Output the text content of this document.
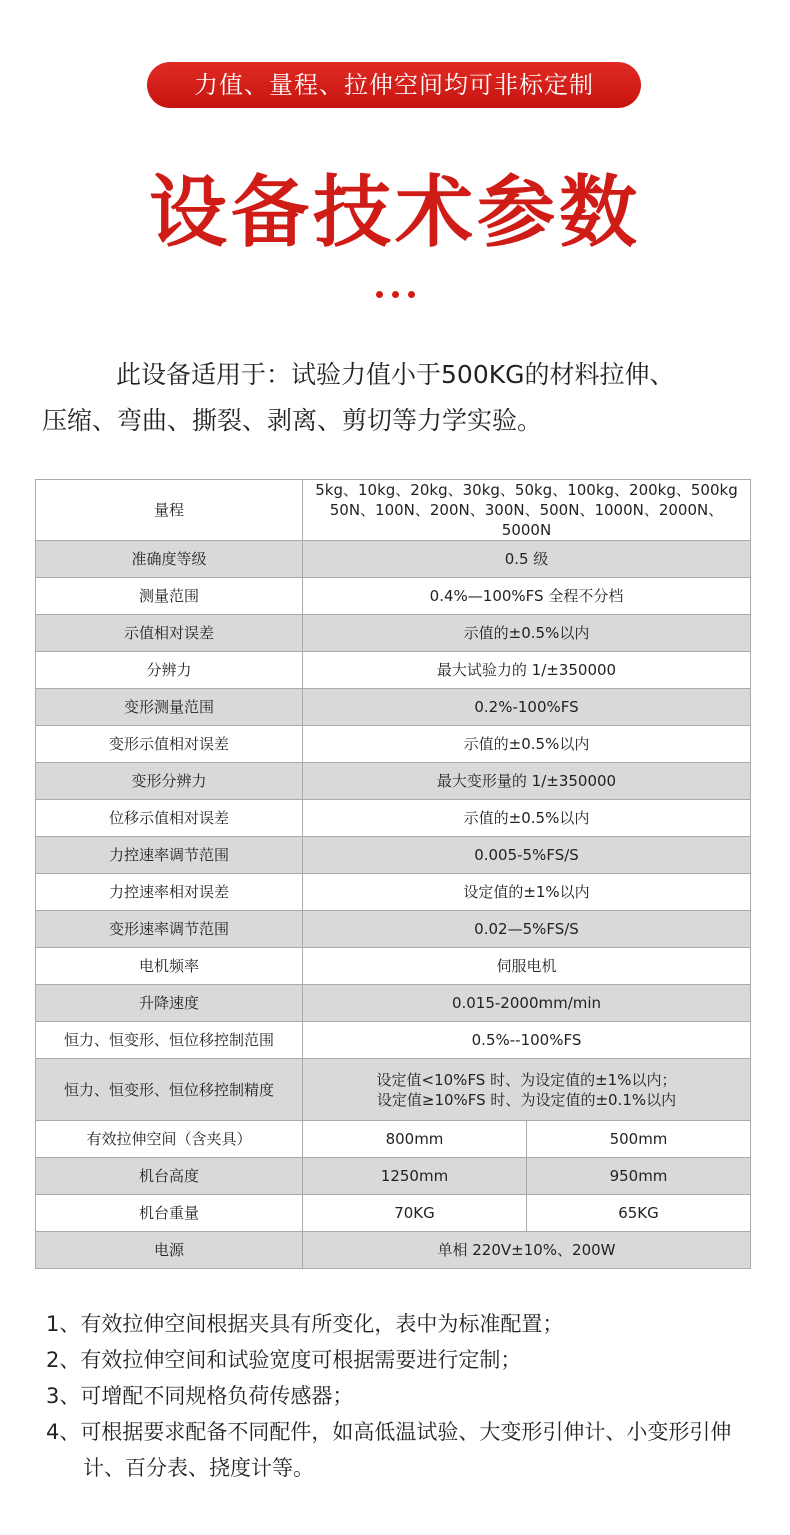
力值、量程、拉伸空间均可非标定制
设备技术参数
此设备适用于：试验力值小于500KG的材料拉伸、
压缩、弯曲、撕裂、剥离、剪切等力学实验。
量程	5kg、10kg、20kg、30kg、50kg、100kg、200kg、500kg
50N、100N、200N、300N、500N、1000N、2000N、5000N	

准确度等级	0.5 级	
测量范围	0.4%—100%FS 全程不分档	
示值相对误差	示值的±0.5%以内	
分辨力	最大试验力的 1/±350000	
变形测量范围	0.2%-100%FS	
变形示值相对误差	示值的±0.5%以内	
变形分辨力	最大变形量的 1/±350000	
位移示值相对误差	示值的±0.5%以内	
力控速率调节范围	0.005-5%FS/S	
力控速率相对误差	设定值的±1%以内	
变形速率调节范围	0.02—5%FS/S	
电机频率	伺服电机	
升降速度	0.015-2000mm/min	
恒力、恒变形、恒位移控制范围	0.5%--100%FS	
恒力、恒变形、恒位移控制精度	设定值<10%FS 时、为设定值的±1%以内；
设定值≥10%FS 时、为设定值的±0.1%以内	

有效拉伸空间（含夹具）	800mm	500mm
机台高度	1250mm	950mm
机台重量	70KG	65KG
电源	单相 220V±10%、200W	
1、有效拉伸空间根据夹具有所变化，表中为标准配置；
2、有效拉伸空间和试验宽度可根据需要进行定制；
3、可增配不同规格负荷传感器；
4、可根据要求配备不同配件，如高低温试验、大变形引伸计、小变形引伸计、百分表、挠度计等。
